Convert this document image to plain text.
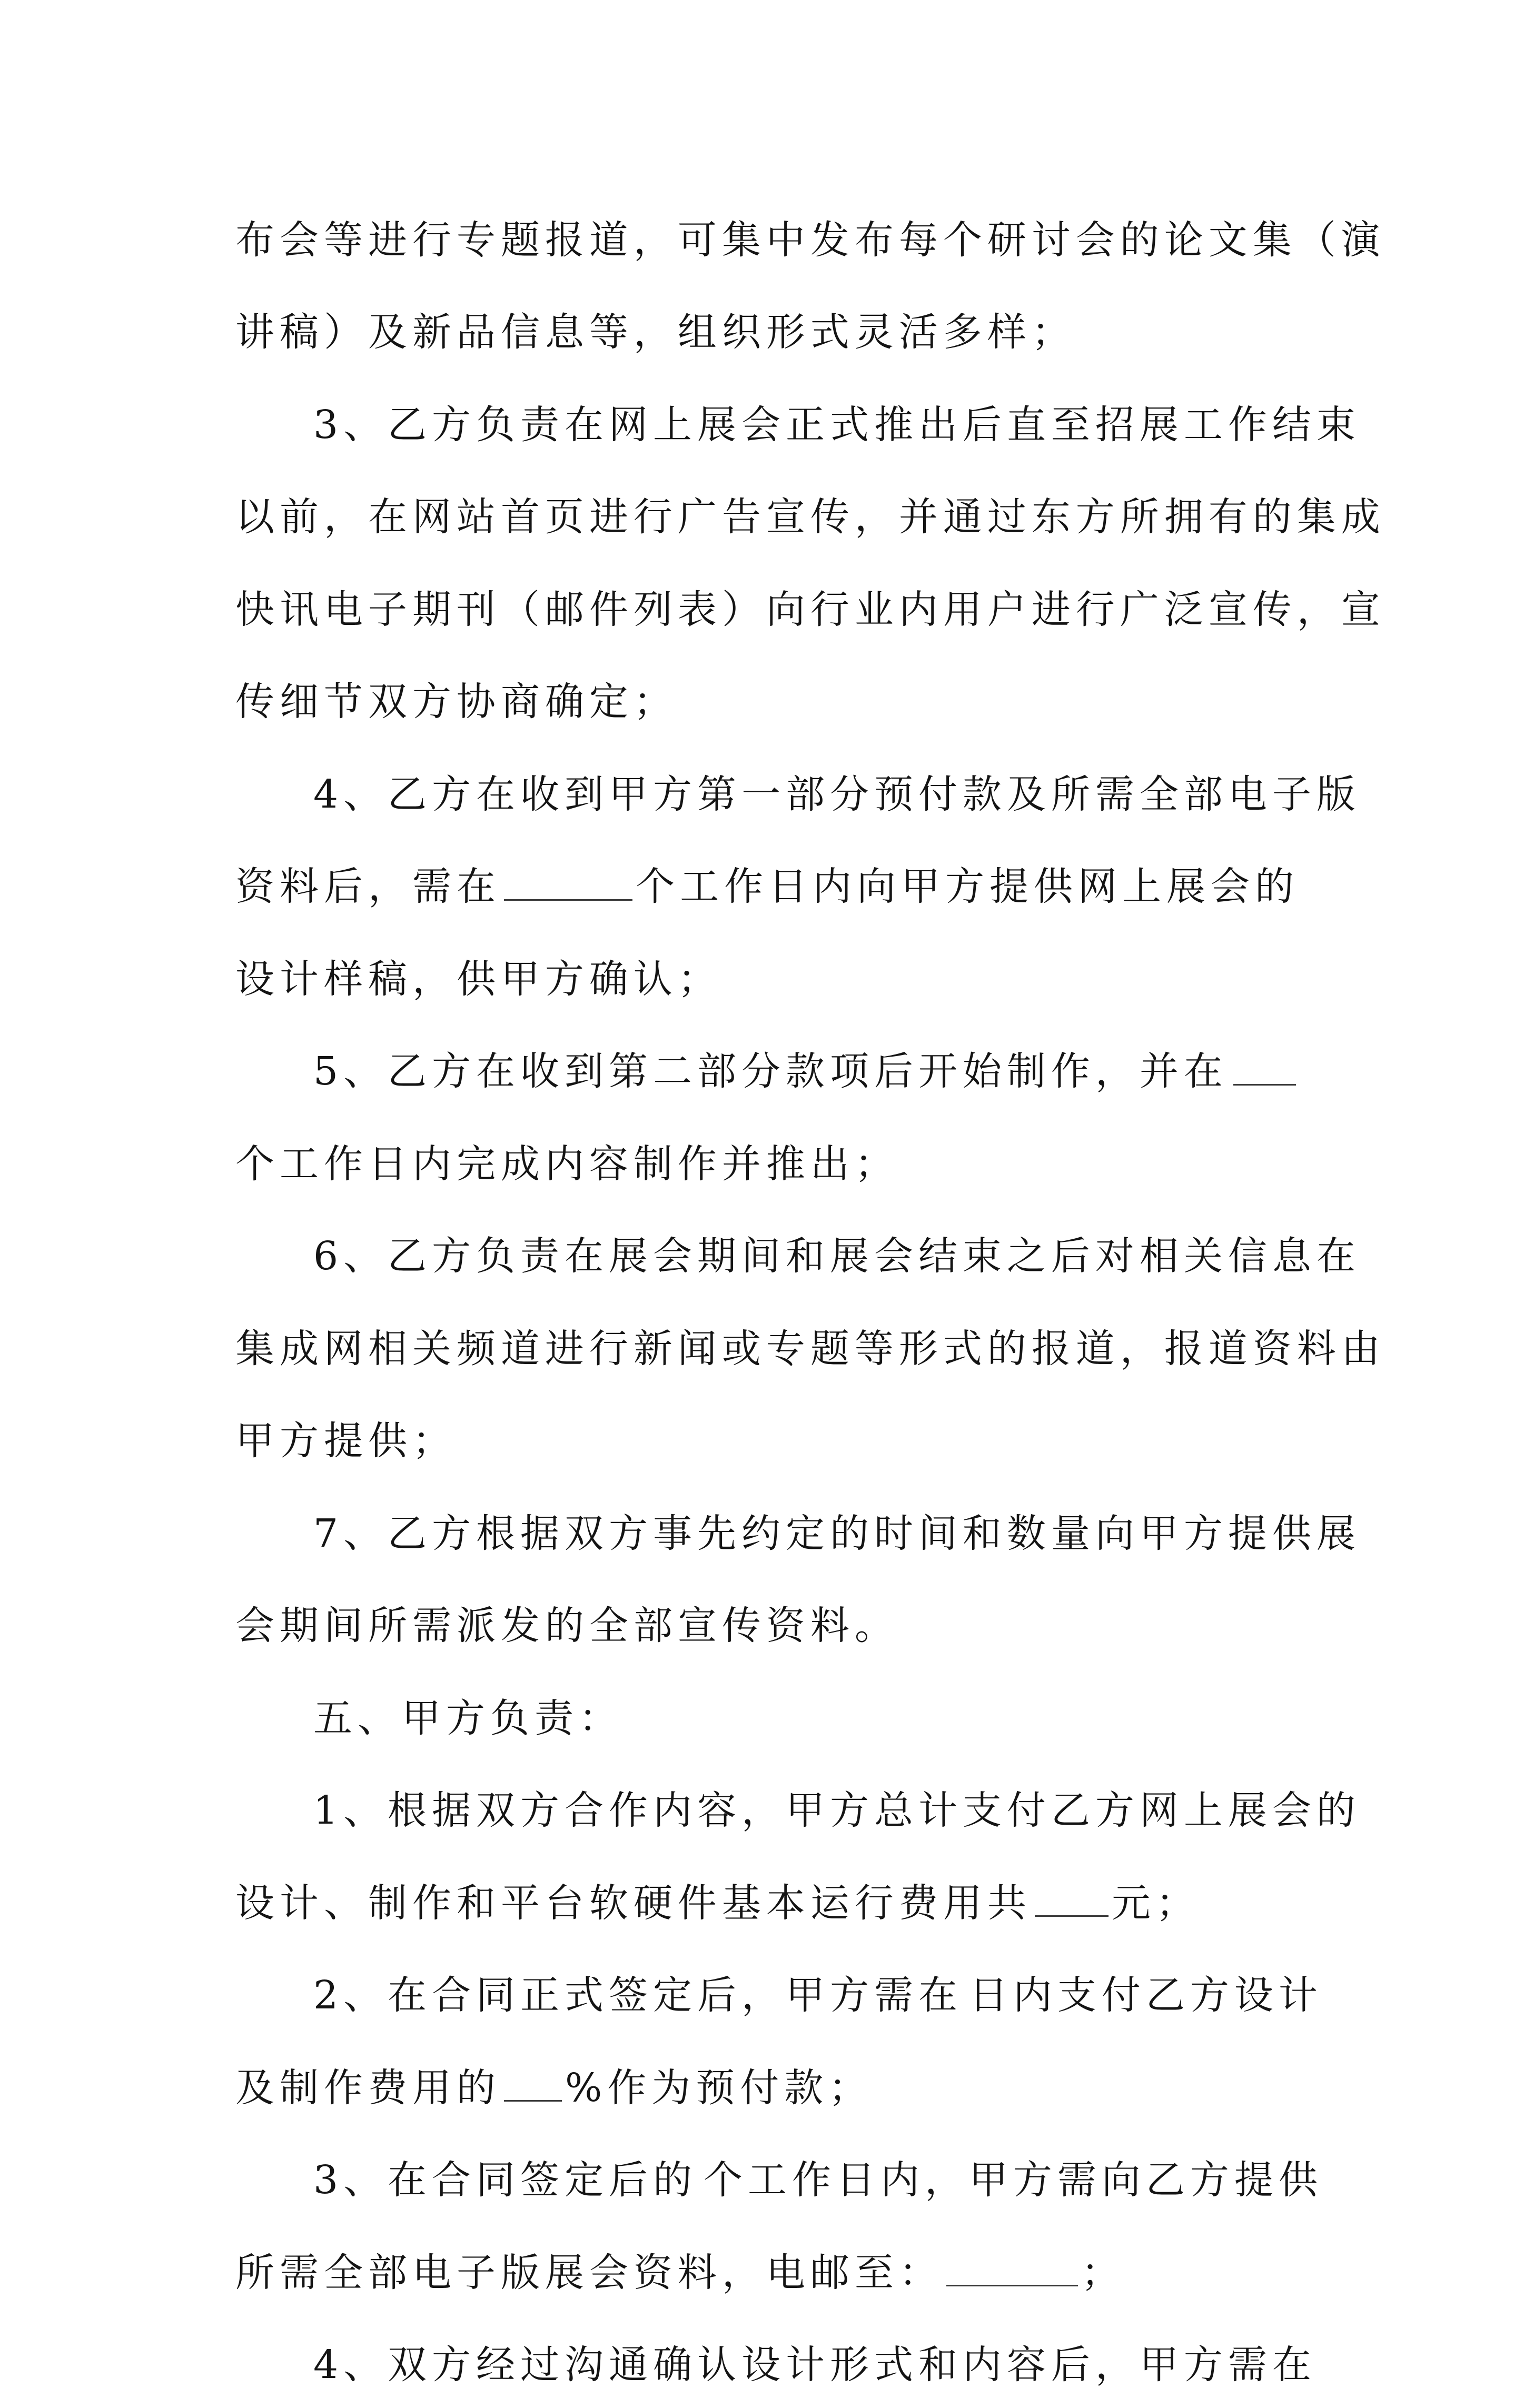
布会等进行专题报道，可集中发布每个研讨会的论文集（演
讲稿）及新品信息等，组织形式灵活多样；
3、乙方负责在网上展会正式推出后直至招展工作结束
以前，在网站首页进行广告宣传，并通过东方所拥有的集成
快讯电子期刊（邮件列表）向行业内用户进行广泛宣传，宣
传细节双方协商确定；
4、乙方在收到甲方第一部分预付款及所需全部电子版
资料后，需在	个工作日内向甲方提供网上展会的
设计样稿，供甲方确认；
5、乙方在收到第二部分款项后开始制作，并在
个工作日内完成内容制作并推出；
6、乙方负责在展会期间和展会结束之后对相关信息在
集成网相关频道进行新闻或专题等形式的报道，报道资料由
甲方提供；
7、乙方根据双方事先约定的时间和数量向甲方提供展
会期间所需派发的全部宣传资料。
五、甲方负责：
1、根据双方合作内容，甲方总计支付乙方网上展会的
设计、制作和平台软硬件基本运行费用共 元；
2、在合同正式签定后，甲方需在 日内支付乙方设计
及制作费用的 %作为预付款；
3、在合同签定后的 个工作日内，甲方需向乙方提供
所需全部电子版展会资料，电邮至：	；
4、双方经过沟通确认设计形式和内容后，甲方需在
